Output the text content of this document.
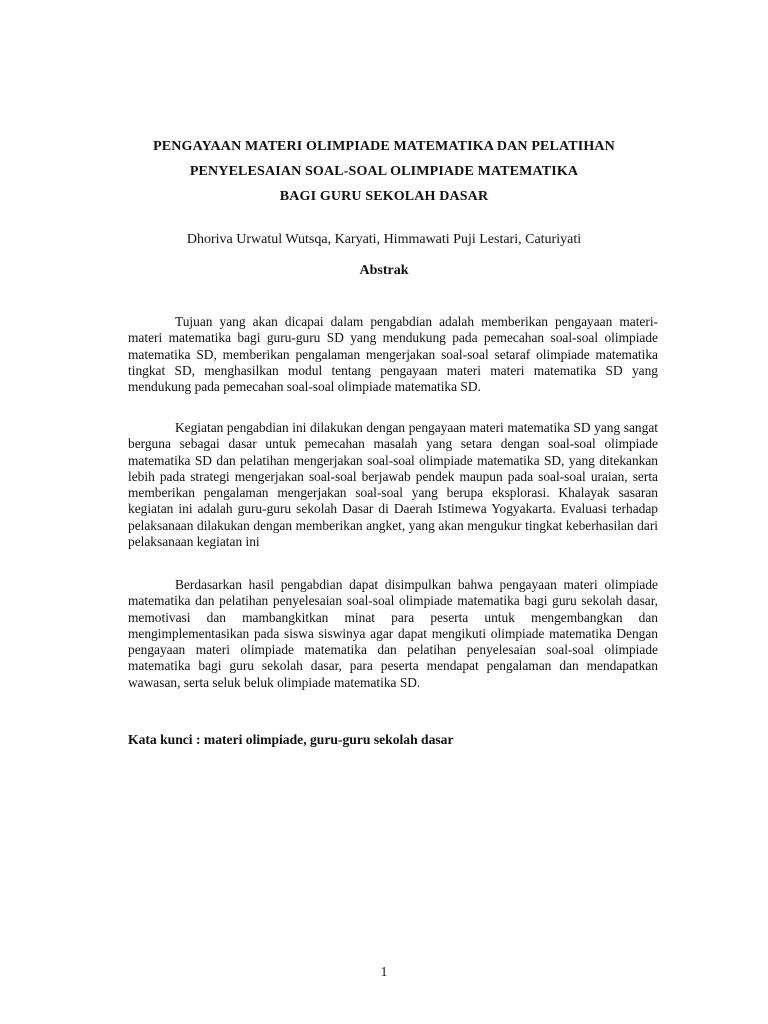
PENGAYAAN MATERI OLIMPIADE MATEMATIKA DAN PELATIHAN
PENYELESAIAN SOAL-SOAL OLIMPIADE MATEMATIKA
BAGI GURU SEKOLAH DASAR
Dhoriva Urwatul Wutsqa, Karyati, Himmawati Puji Lestari, Caturiyati
Abstrak

Tujuan yang akan dicapai dalam pengabdian adalah memberikan pengayaan materi-materi matematika bagi guru-guru SD yang mendukung pada pemecahan soal-soal olimpiade matematika SD, memberikan pengalaman mengerjakan soal-soal setaraf olimpiade matematika tingkat SD, menghasilkan modul tentang pengayaan materi materi matematika SD yang mendukung pada pemecahan soal-soal olimpiade matematika SD.

Kegiatan pengabdian ini dilakukan dengan pengayaan materi matematika SD yang sangat berguna sebagai dasar untuk pemecahan masalah yang setara dengan soal-soal olimpiade matematika SD dan pelatihan mengerjakan soal-soal olimpiade matematika SD, yang ditekankan lebih pada strategi mengerjakan soal-soal berjawab pendek maupun pada soal-soal uraian, serta memberikan pengalaman mengerjakan soal-soal yang berupa eksplorasi. Khalayak sasaran kegiatan ini adalah guru-guru sekolah Dasar di Daerah Istimewa Yogyakarta. Evaluasi terhadap pelaksanaan dilakukan dengan memberikan angket, yang akan mengukur tingkat keberhasilan dari pelaksanaan kegiatan ini

Berdasarkan hasil pengabdian dapat disimpulkan bahwa pengayaan materi olimpiade matematika dan pelatihan penyelesaian soal-soal olimpiade matematika bagi guru sekolah dasar, memotivasi dan mambangkitkan minat para peserta untuk mengembangkan dan mengimplementasikan pada siswa siswinya agar dapat mengikuti olimpiade matematika Dengan pengayaan materi olimpiade matematika dan pelatihan penyelesaian soal-soal olimpiade matematika bagi guru sekolah dasar, para peserta mendapat pengalaman dan mendapatkan wawasan, serta seluk beluk olimpiade matematika SD.

Kata kunci : materi olimpiade, guru-guru sekolah dasar
1
